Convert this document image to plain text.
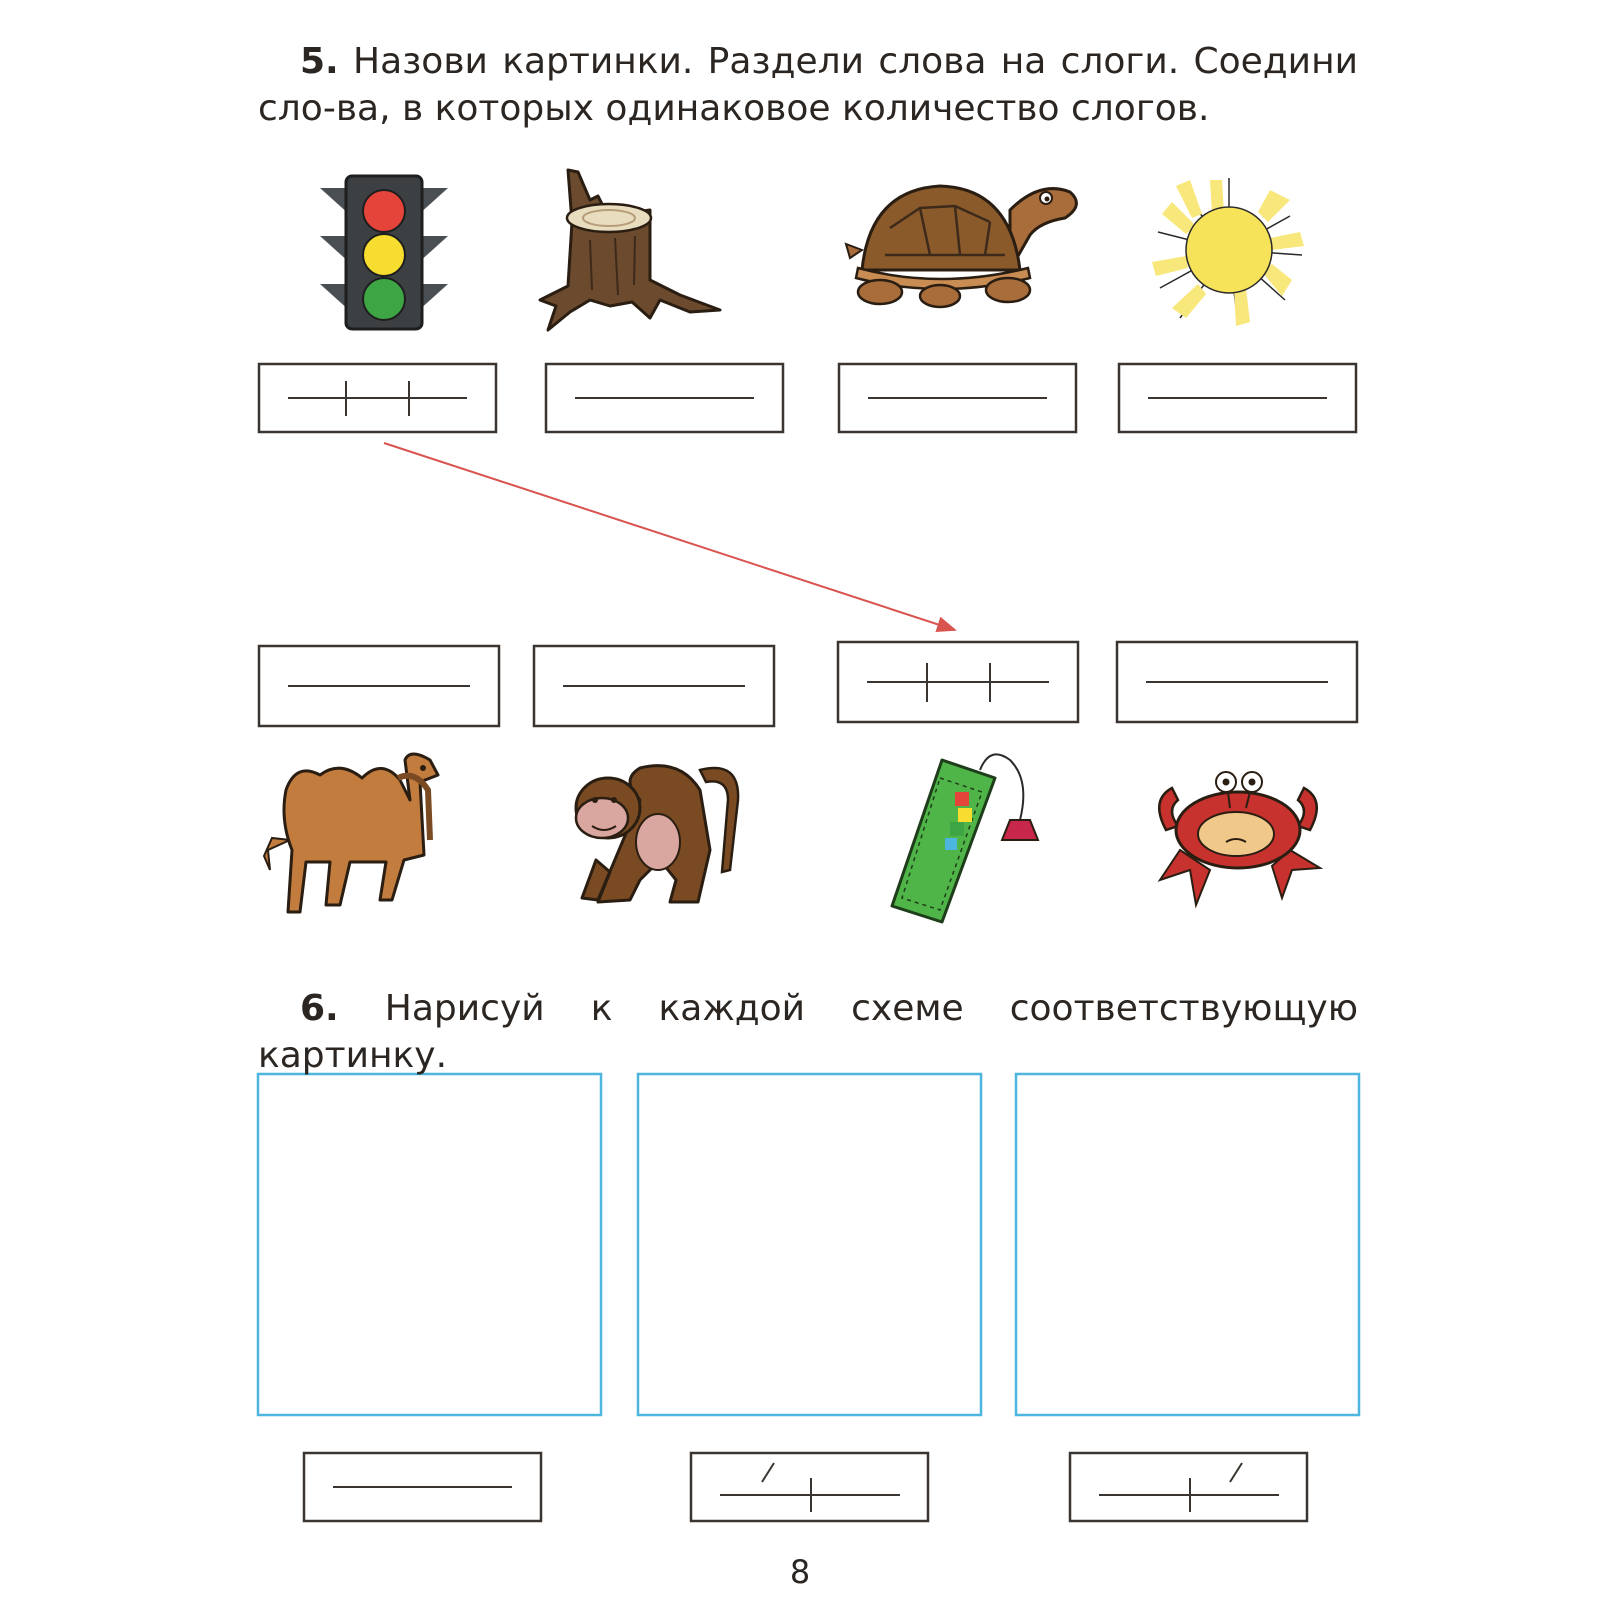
5. Назови картинки. Раздели слова на слоги. Соедини сло-ва, в которых одинаковое количество слогов.

6. Нарисуй к каждой схеме соответствующую картинку.

8
